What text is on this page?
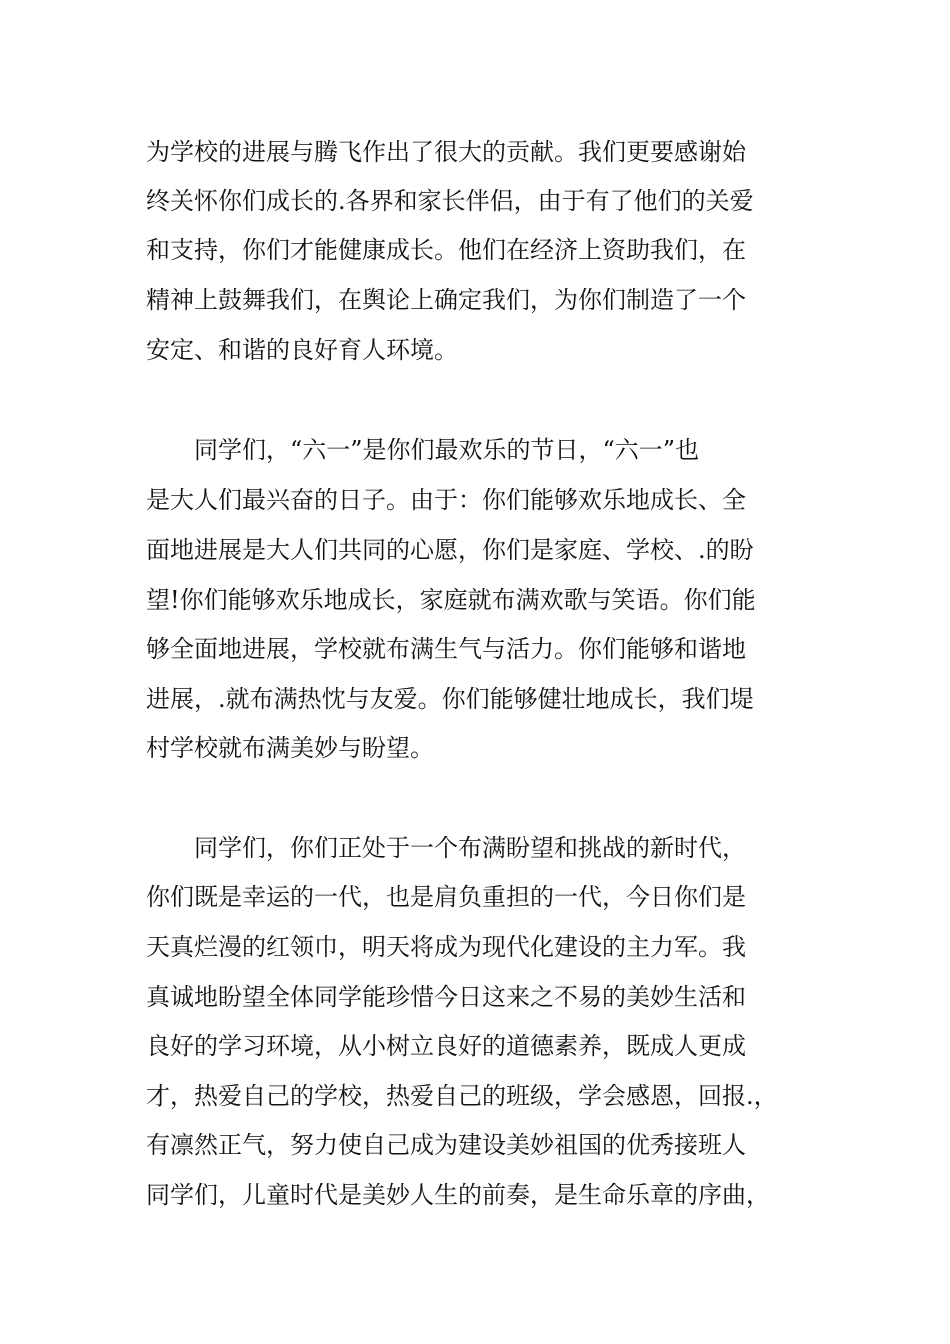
为学校的进展与腾飞作出了很大的贡献。我们更要感谢始

终关怀你们成长的.各界和家长伴侣，由于有了他们的关爱

和支持，你们才能健康成长。他们在经济上资助我们，在

精神上鼓舞我们，在舆论上确定我们，为你们制造了一个

安定、和谐的良好育人环境。

　　同学们，“六一”是你们最欢乐的节日，“六一”也

是大人们最兴奋的日子。由于：你们能够欢乐地成长、全

面地进展是大人们共同的心愿，你们是家庭、学校、.的盼

望!你们能够欢乐地成长，家庭就布满欢歌与笑语。你们能

够全面地进展，学校就布满生气与活力。你们能够和谐地

进展，.就布满热忱与友爱。你们能够健壮地成长，我们堤

村学校就布满美妙与盼望。

　　同学们，你们正处于一个布满盼望和挑战的新时代，

你们既是幸运的一代，也是肩负重担的一代，今日你们是

天真烂漫的红领巾，明天将成为现代化建设的主力军。我

真诚地盼望全体同学能珍惜今日这来之不易的美妙生活和

良好的学习环境，从小树立良好的道德素养，既成人更成

才，热爱自己的学校，热爱自己的班级，学会感恩，回报.，

有凛然正气，努力使自己成为建设美妙祖国的优秀接班人

同学们，儿童时代是美妙人生的前奏，是生命乐章的序曲，
